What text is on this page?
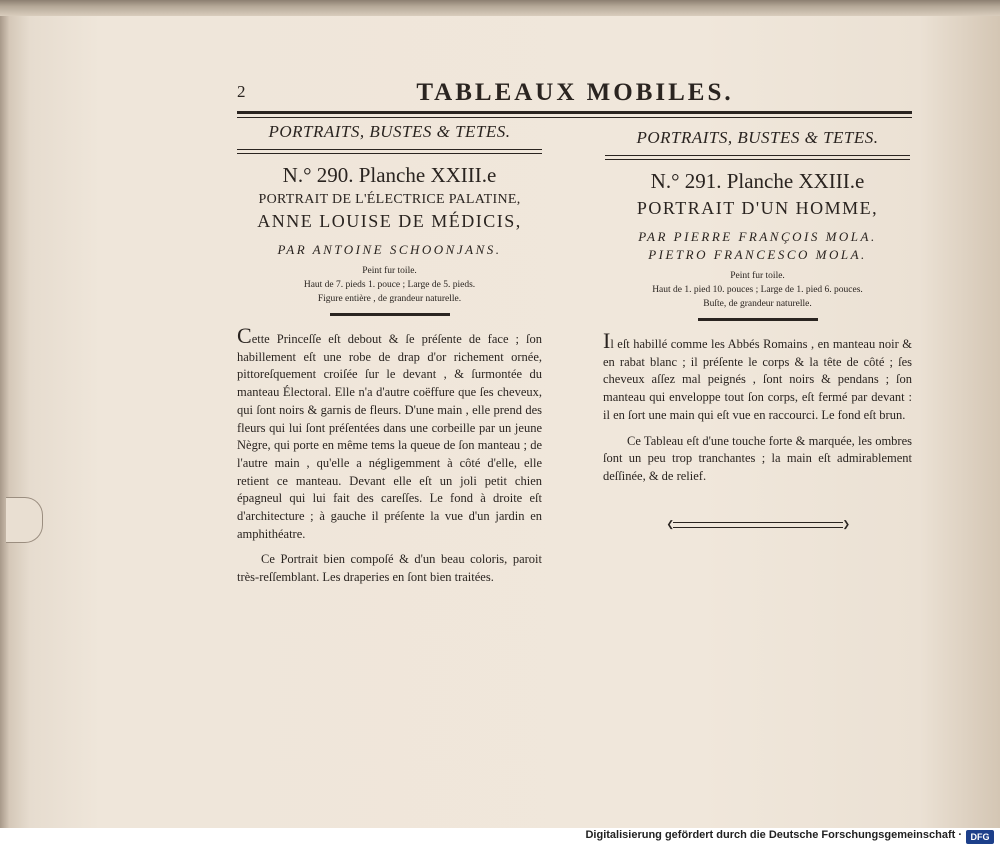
2	TABLEAUX MOBILES.
PORTRAITS, BUSTES & TETES.
N.° 290. Planche XXIII.e
PORTRAIT DE L'ÉLECTRICE PALATINE,
ANNE LOUISE DE MÉDICIS,
PAR ANTOINE SCHOONJANS.
Peint fur toile.
Haut de 7. pieds 1. pouce ; Large de 5. pieds.
Figure entière , de grandeur naturelle.

Cette Princeſſe eſt debout & ſe préſente de face ; ſon habillement eſt une robe de drap d'or richement ornée, pittoreſquement croiſée ſur le devant , & ſurmontée du manteau Électoral. Elle n'a d'autre coëffure que ſes cheveux, qui ſont noirs & garnis de fleurs. D'une main , elle prend des fleurs qui lui ſont préſentées dans une corbeille par un jeune Nègre, qui porte en même tems la queue de ſon manteau ; de l'autre main , qu'elle a négligemment à côté d'elle, elle retient ce manteau. Devant elle eſt un joli petit chien épagneul qui lui fait des careſſes. Le fond à droite eſt d'architecture ; à gauche il préſente la vue d'un jardin en amphithéatre.

Ce Portrait bien compoſé & d'un beau coloris, paroit très-reſſemblant. Les draperies en ſont bien traitées.

PORTRAITS, BUSTES & TETES.
N.° 291. Planche XXIII.e
PORTRAIT D'UN HOMME,
PAR PIERRE FRANÇOIS MOLA.
PIETRO FRANCESCO MOLA.
Peint fur toile.
Haut de 1. pied 10. pouces ; Large de 1. pied 6. pouces.
Buſte, de grandeur naturelle.

Il eſt habillé comme les Abbés Romains , en manteau noir & en rabat blanc ; il préſente le corps & la tête de côté ; ſes cheveux aſſez mal peignés , ſont noirs & pendans ; ſon manteau qui enveloppe tout ſon corps, eſt fermé par devant : il en ſort une main qui eſt vue en raccourci. Le fond eſt brun.

Ce Tableau eſt d'une touche forte & marquée, les ombres ſont un peu trop tranchantes ; la main eſt admirablement deſſinée, & de relief.

❮	❯
Digitalisierung gefördert durch die Deutsche Forschungsgemeinschaft · DFG
